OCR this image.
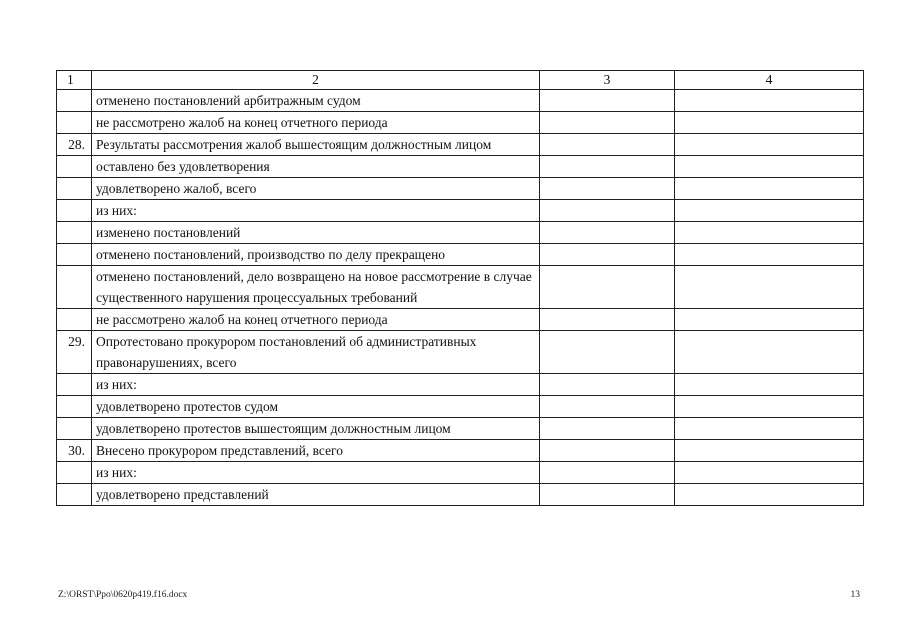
1	2	3	4
	отменено постановлений арбитражным судом		
	не рассмотрено жалоб на конец отчетного периода		
28.	Результаты рассмотрения жалоб вышестоящим должностным лицом		
	оставлено без удовлетворения		
	удовлетворено жалоб, всего		
	из них:		
	изменено постановлений		
	отменено постановлений, производство по делу прекращено		
	отменено постановлений, дело возвращено на новое рассмотрение в случае существенного нарушения процессуальных требований		
	не рассмотрено жалоб на конец отчетного периода		
29.	Опротестовано прокурором постановлений об административных правонарушениях, всего		
	из них:		
	удовлетворено протестов судом		
	удовлетворено протестов вышестоящим должностным лицом		
30.	Внесено прокурором представлений, всего		
	из них:		
	удовлетворено представлений		
Z:\ORST\Ppo\0620p419.f16.docx	13
